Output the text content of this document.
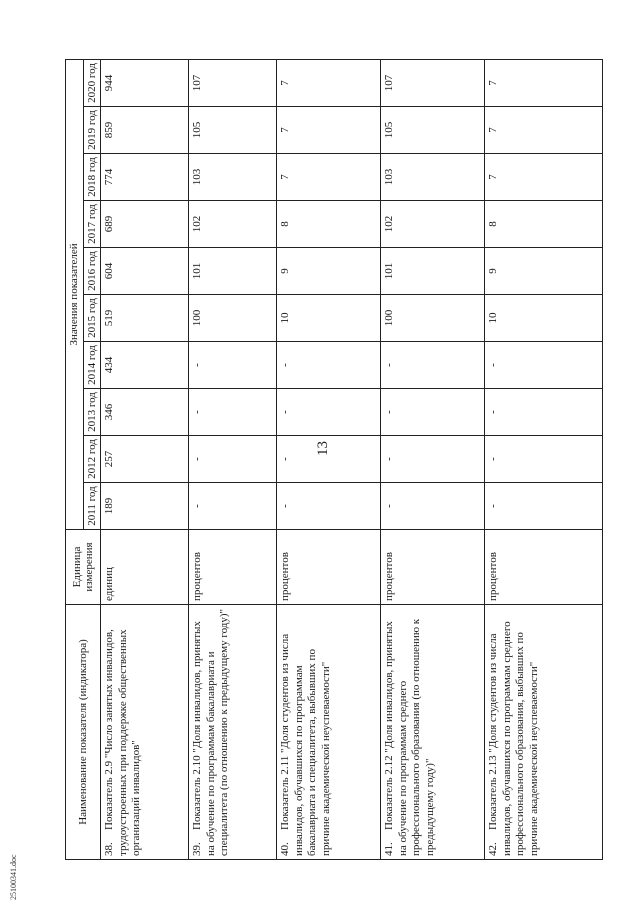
13
25100341.doc
Наименование показателя (индикатора)	Единица измерения	Значения показателей									
		2011 год	2012 год	2013 год	2014 год	2015 год	2016 год	2017 год	2018 год	2019 год	2020 год
38.Показатель 2.9 "Число занятых инвалидов, трудоустроенных при поддержке общественных организаций инвалидов"	единиц	189	257	346	434	519	604	689	774	859	944
39.Показатель 2.10 "Доля инвалидов, принятых на обучение по программам бакалавриата и специалитета (по отношению к предыдущему году)"	процентов	-	-	-	-	100	101	102	103	105	107
40.Показатель 2.11 "Доля студентов из числа инвалидов, обучавшихся по программам бакалавриата и специалитета, выбывших по причине академической неуспеваемости"	процентов	-	-	-	-	10	9	8	7	7	7
41.Показатель 2.12 "Доля инвалидов, принятых на обучение по программам среднего профессионального образования (по отношению к предыдущему году)"	процентов	-	-	-	-	100	101	102	103	105	107
42.Показатель 2.13 "Доля студентов из числа инвалидов, обучавшихся по программам среднего профессионального образования, выбывших по причине академической неуспеваемости"	процентов	-	-	-	-	10	9	8	7	7	7
